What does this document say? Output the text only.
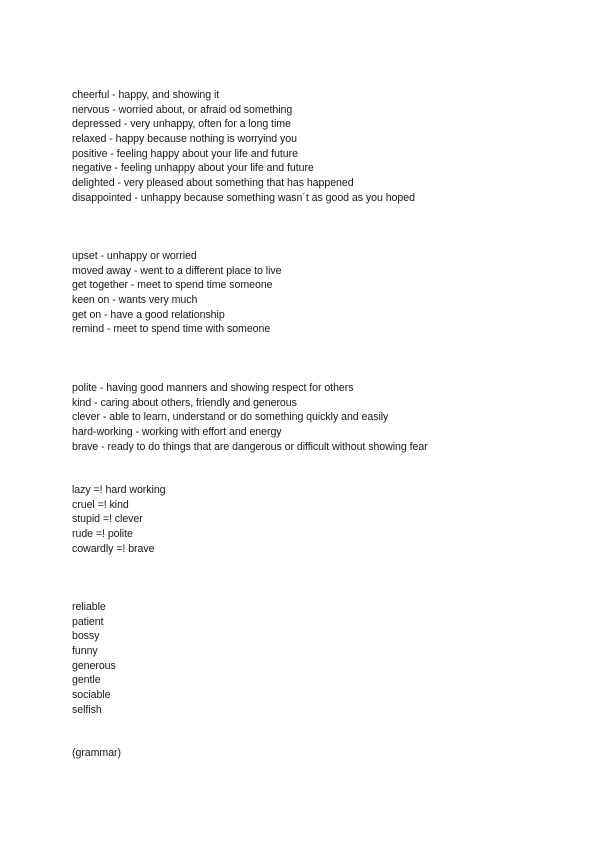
cheerful - happy, and showing it
nervous - worried about, or afraid od something
depressed - very unhappy, often for a long time
relaxed - happy because nothing is worryind you
positive - feeling happy about your life and future
negative - feeling unhappy about your life and future
delighted - very pleased about something that has happened
disappointed - unhappy because something wasn´t as good as you hoped
upset - unhappy or worried
moved away - went to a different place to live
get together - meet to spend time someone
keen on - wants very much
get on - have a good relationship
remind - meet to spend time with someone
polite - having good manners and showing respect for others
kind - caring about others, friendly and generous
clever - able to learn, understand or do something quickly and easily
hard-working - working with effort and energy
brave - ready to do things that are dangerous or difficult without showing fear
lazy =! hard working
cruel =! kind
stupid =! clever
rude =! polite
cowardly =! brave
reliable
patient
bossy
funny
generous
gentle
sociable
selfish
(grammar)
